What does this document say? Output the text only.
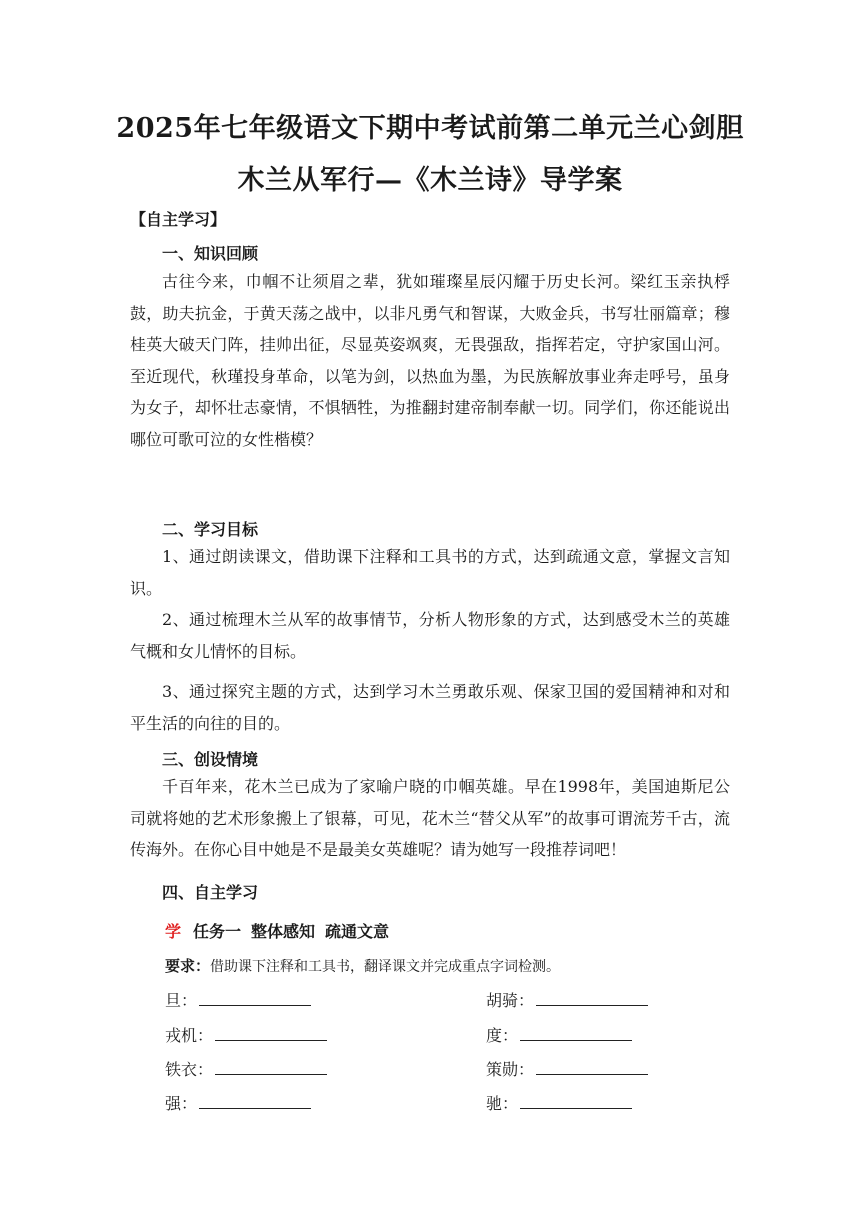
2025年七年级语文下期中考试前第二单元兰心剑胆
木兰从军行—《木兰诗》导学案
【自主学习】
一、知识回顾

古往今来，巾帼不让须眉之辈，犹如璀璨星辰闪耀于历史长河。梁红玉亲执桴鼓，助夫抗金，于黄天荡之战中，以非凡勇气和智谋，大败金兵，书写壮丽篇章；穆桂英大破天门阵，挂帅出征，尽显英姿飒爽，无畏强敌，指挥若定，守护家国山河。至近现代，秋瑾投身革命，以笔为剑，以热血为墨，为民族解放事业奔走呼号，虽身为女子，却怀壮志豪情，不惧牺牲，为推翻封建帝制奉献一切。同学们，你还能说出哪位可歌可泣的女性楷模？

二、学习目标

1、通过朗读课文，借助课下注释和工具书的方式，达到疏通文意，掌握文言知识。

2、通过梳理木兰从军的故事情节，分析人物形象的方式，达到感受木兰的英雄气概和女儿情怀的目标。

3、通过探究主题的方式，达到学习木兰勇敢乐观、保家卫国的爱国精神和对和平生活的向往的目的。

三、创设情境

千百年来，花木兰已成为了家喻户晓的巾帼英雄。早在1998年，美国迪斯尼公司就将她的艺术形象搬上了银幕，可见，花木兰“替父从军”的故事可谓流芳千古，流传海外。在你心目中她是不是最美女英雄呢？请为她写一段推荐词吧！

四、自主学习
学 任务一 整体感知 疏通文意
要求：借助课下注释和工具书，翻译课文并完成重点字词检测。
旦：	胡骑：
戎机：	度：
铁衣：	策勋：
强：	驰：
